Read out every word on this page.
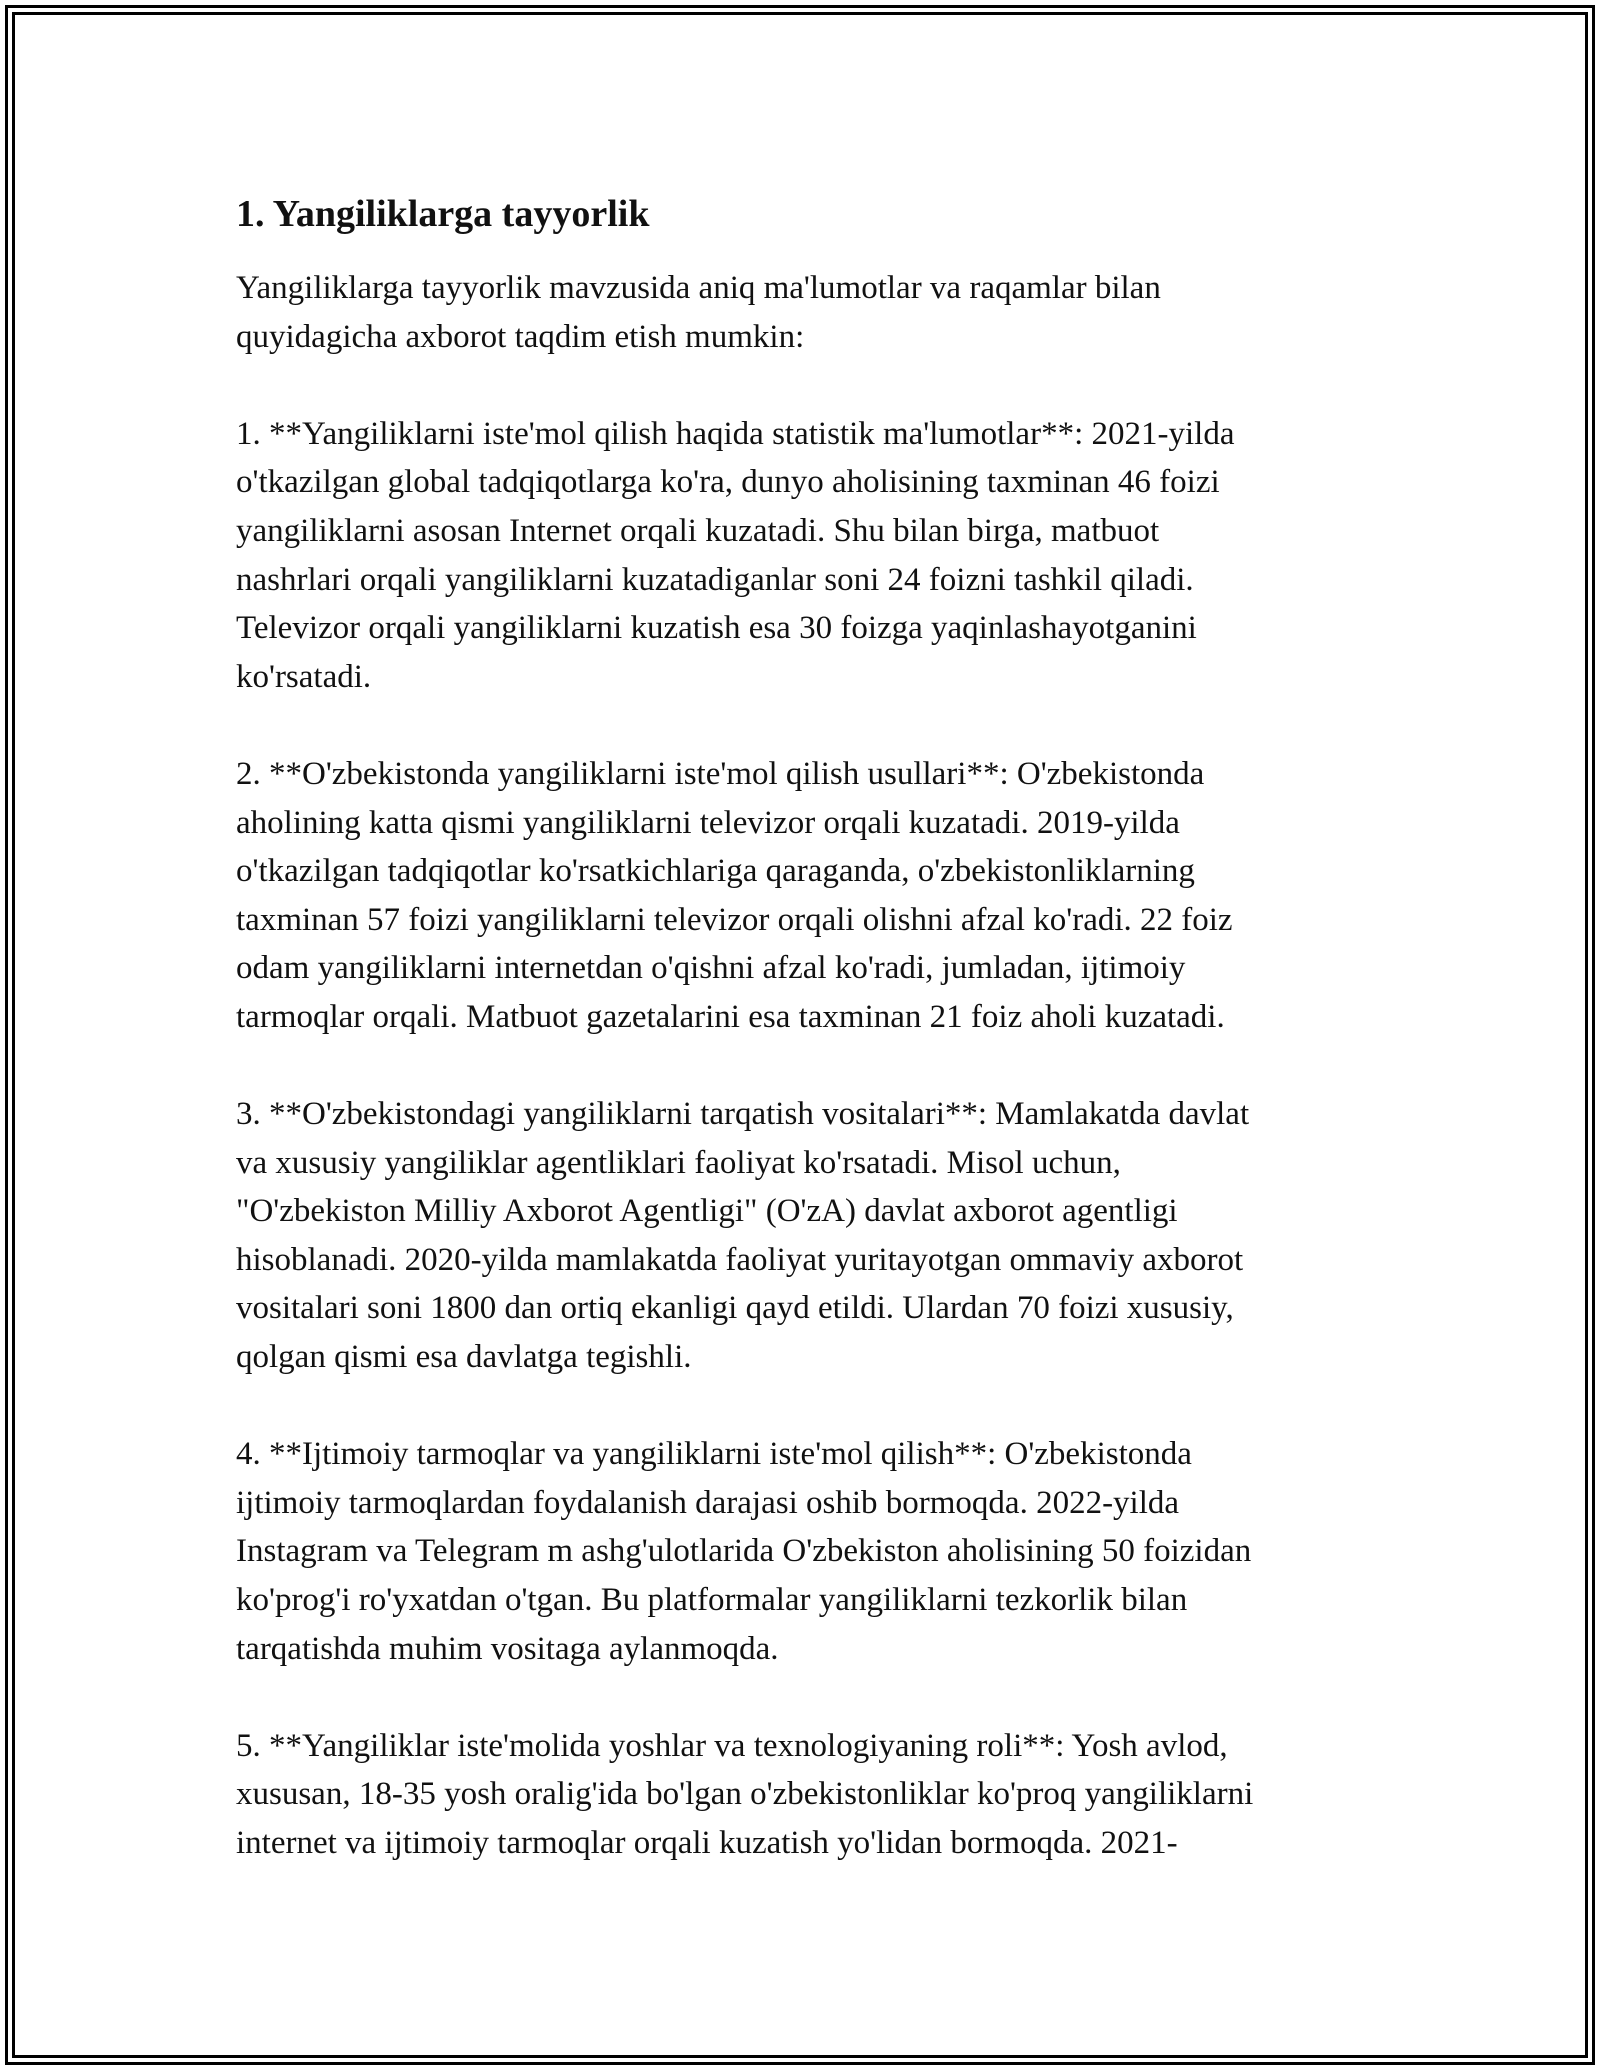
1. Yangiliklarga tayyorlik

Yangiliklarga tayyorlik mavzusida aniq ma'lumotlar va raqamlar bilan
quyidagicha axborot taqdim etish mumkin:

1. **Yangiliklarni iste'mol qilish haqida statistik ma'lumotlar**: 2021-yilda
o'tkazilgan global tadqiqotlarga ko'ra, dunyo aholisining taxminan 46 foizi
yangiliklarni asosan Internet orqali kuzatadi. Shu bilan birga, matbuot
nashrlari orqali yangiliklarni kuzatadiganlar soni 24 foizni tashkil qiladi.
Televizor orqali yangiliklarni kuzatish esa 30 foizga yaqinlashayotganini
ko'rsatadi.

2. **O'zbekistonda yangiliklarni iste'mol qilish usullari**: O'zbekistonda
aholining katta qismi yangiliklarni televizor orqali kuzatadi. 2019-yilda
o'tkazilgan tadqiqotlar ko'rsatkichlariga qaraganda, o'zbekistonliklarning
taxminan 57 foizi yangiliklarni televizor orqali olishni afzal ko'radi. 22 foiz
odam yangiliklarni internetdan o'qishni afzal ko'radi, jumladan, ijtimoiy
tarmoqlar orqali. Matbuot gazetalarini esa taxminan 21 foiz aholi kuzatadi.

3. **O'zbekistondagi yangiliklarni tarqatish vositalari**: Mamlakatda davlat
va xususiy yangiliklar agentliklari faoliyat ko'rsatadi. Misol uchun,
"O'zbekiston Milliy Axborot Agentligi" (O'zA) davlat axborot agentligi
hisoblanadi. 2020-yilda mamlakatda faoliyat yuritayotgan ommaviy axborot
vositalari soni 1800 dan ortiq ekanligi qayd etildi. Ulardan 70 foizi xususiy,
qolgan qismi esa davlatga tegishli.

4. **Ijtimoiy tarmoqlar va yangiliklarni iste'mol qilish**: O'zbekistonda
ijtimoiy tarmoqlardan foydalanish darajasi oshib bormoqda. 2022-yilda
Instagram va Telegram m ashg'ulotlarida O'zbekiston aholisining 50 foizidan
ko'prog'i ro'yxatdan o'tgan. Bu platformalar yangiliklarni tezkorlik bilan
tarqatishda muhim vositaga aylanmoqda.

5. **Yangiliklar iste'molida yoshlar va texnologiyaning roli**: Yosh avlod,
xususan, 18-35 yosh oralig'ida bo'lgan o'zbekistonliklar ko'proq yangiliklarni
internet va ijtimoiy tarmoqlar orqali kuzatish yo'lidan bormoqda. 2021-
